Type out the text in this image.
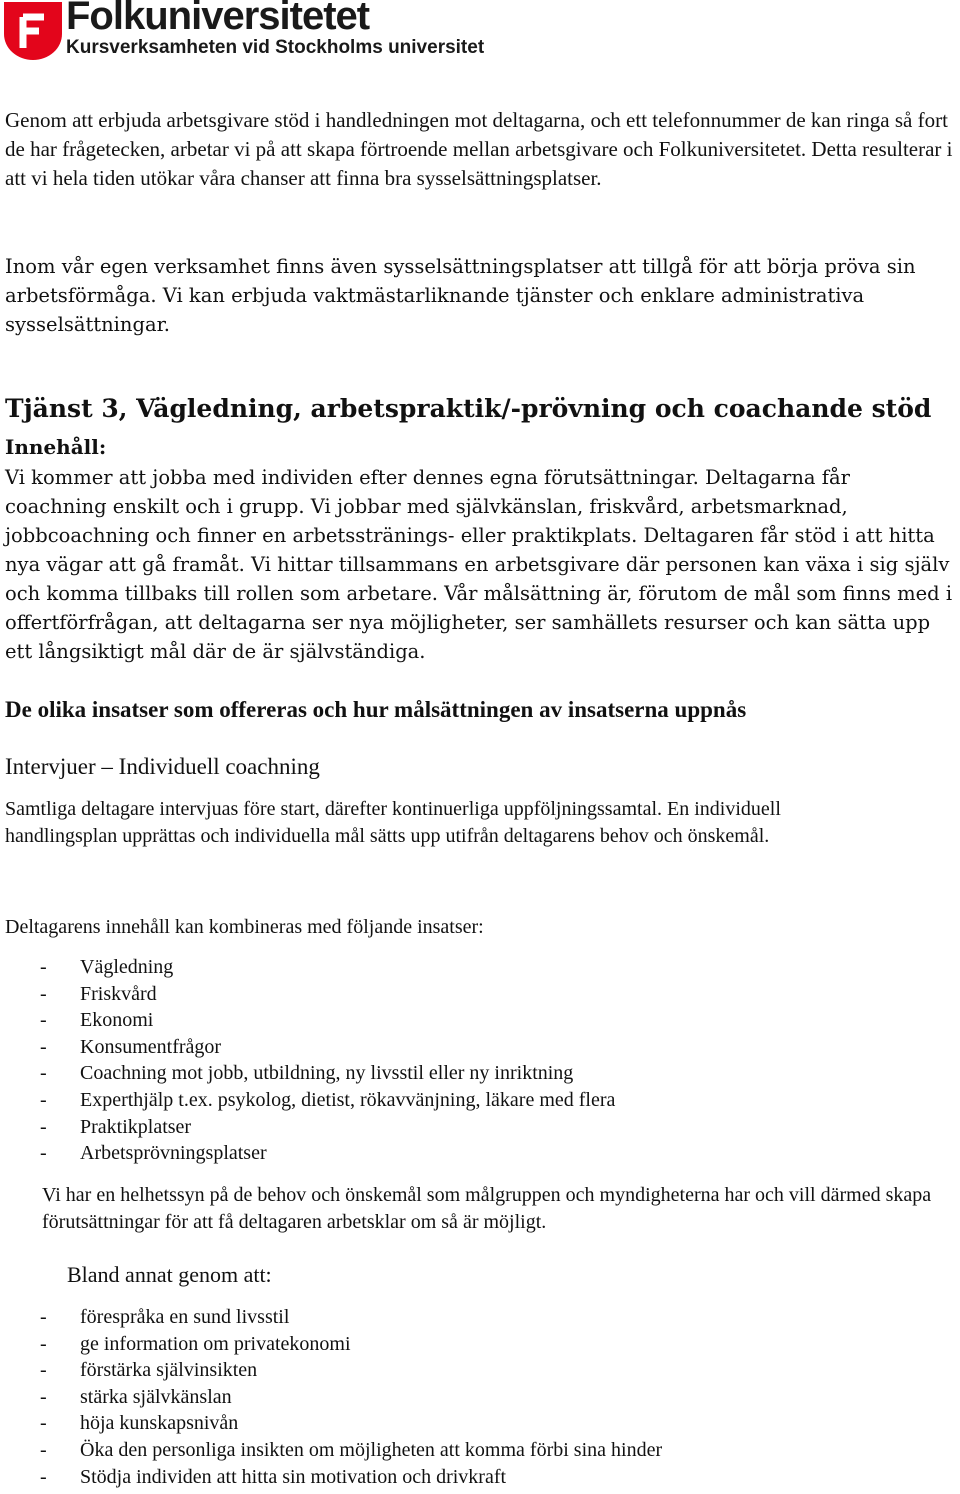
Folkuniversitetet
Kursverksamheten vid Stockholms universitet

Genom att erbjuda arbetsgivare stöd i handledningen mot deltagarna, och ett telefonnummer de kan ringa så fort de har frågetecken, arbetar vi på att skapa förtroende mellan arbetsgivare och Folkuniversitetet. Detta resulterar i att vi hela tiden utökar våra chanser att finna bra sysselsättningsplatser.

Inom vår egen verksamhet finns även sysselsättningsplatser att tillgå för att börja pröva sin arbetsförmåga. Vi kan erbjuda vaktmästarliknande tjänster och enklare administrativa sysselsättningar.

Tjänst 3, Vägledning, arbetspraktik/-prövning och coachande stöd
Innehåll:

Vi kommer att jobba med individen efter dennes egna förutsättningar. Deltagarna får coachning enskilt och i grupp. Vi jobbar med självkänslan, friskvård, arbetsmarknad, jobbcoachning och finner en arbetsstränings- eller praktikplats. Deltagaren får stöd i att hitta nya vägar att gå framåt. Vi hittar tillsammans en arbetsgivare där personen kan växa i sig själv och komma tillbaks till rollen som arbetare. Vår målsättning är, förutom de mål som finns med i offertförfrågan, att deltagarna ser nya möjligheter, ser samhällets resurser och kan sätta upp ett långsiktigt mål där de är självständiga.

De olika insatser som offereras och hur målsättningen av insatserna uppnås
Intervjuer – Individuell coachning

Samtliga deltagare intervjuas före start, därefter kontinuerliga uppföljningssamtal. En individuell handlingsplan upprättas och individuella mål sätts upp utifrån deltagarens behov och önskemål.

Deltagarens innehåll kan kombineras med följande insatser:

- Vägledning
- Friskvård
- Ekonomi
- Konsumentfrågor
- Coachning mot jobb, utbildning, ny livsstil eller ny inriktning
- Experthjälp t.ex. psykolog, dietist, rökavvänjning, läkare med flera
- Praktikplatser
- Arbetsprövningsplatser

Vi har en helhetssyn på de behov och önskemål som målgruppen och myndigheterna har och vill därmed skapa förutsättningar för att få deltagaren arbetsklar om så är möjligt.

Bland annat genom att:
- förespråka en sund livsstil
- ge information om privatekonomi
- förstärka självinsikten
- stärka självkänslan
- höja kunskapsnivån
- Öka den personliga insikten om möjligheten att komma förbi sina hinder
- Stödja individen att hitta sin motivation och drivkraft
